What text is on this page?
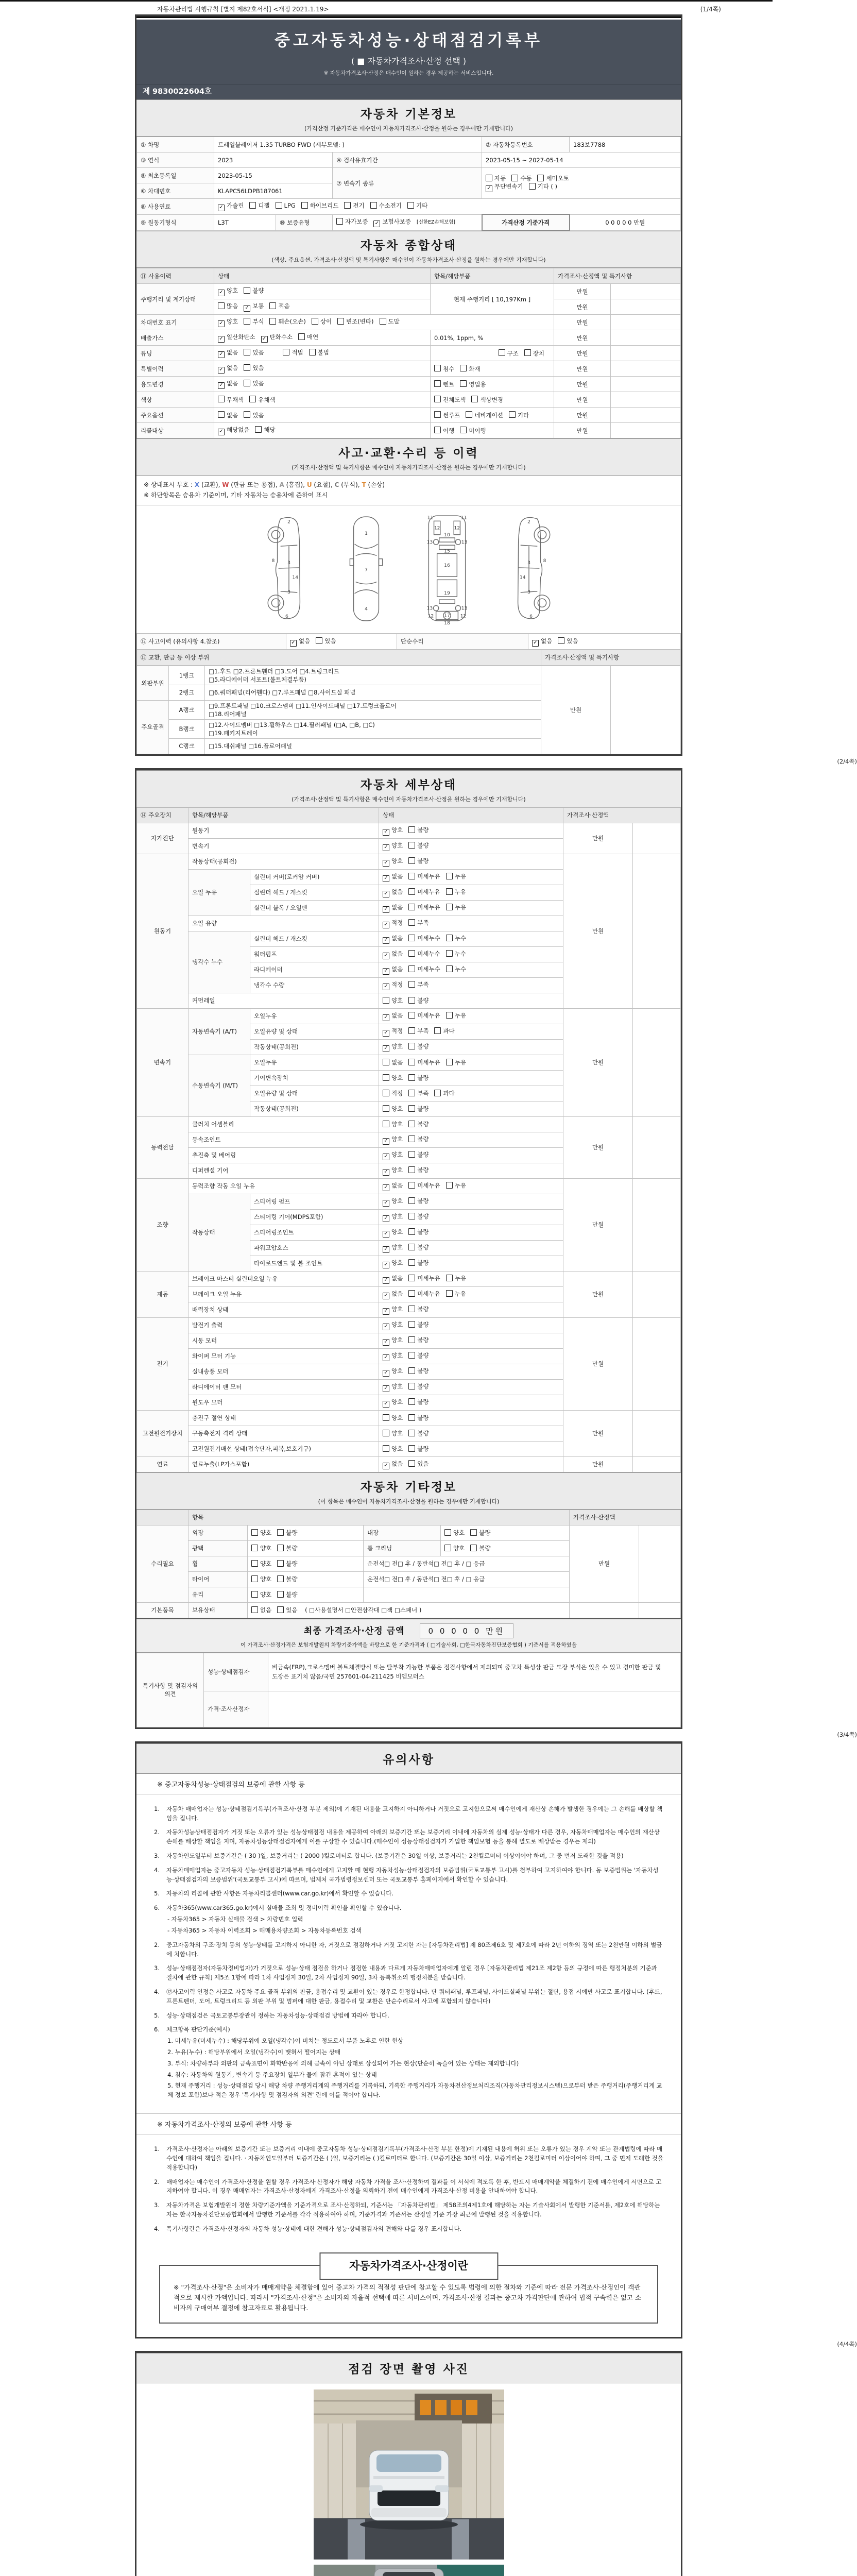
자동차관리법 시행규칙 [별지 제82호서식] <개정 2021.1.19>	(1/4쪽)
중고자동차성능·상태점검기록부
( ■ 자동차가격조사·산정 선택 )
※ 자동차가격조사·산정은 매수인이 원하는 경우 제공하는 서비스입니다.
제 9830022604호
자동차 기본정보
(가격산정 기준가격은 매수인이 자동차가격조사·산정을 원하는 경우에만 기재합니다)
① 차명	트레일블레이저 1.35 TURBO FWD (세부모델: )			② 자동차등록번호	183보7788
③ 연식	2023		④ 검사유효기간	2023-05-15 ~ 2027-05-14	
⑤ 최초등록일	2023-05-15		⑦ 변속기 종류	자동 수동 세미오토
✓ 무단변속기 기타 ( )	
⑥ 차대번호	KLAPC56LDPB187061				
⑧ 사용연료	✓ 가솔린 디젤 LPG 하이브리드 전기 수소전기 기타				
⑨ 원동기형식	L3T	⑩ 보증유형	자가보증 ✓ 보험사보증 [신한EZ손해보험]	가격산정 기준가격	0 0 0 0 0 만원
자동차 종합상태
(색상, 주요옵션, 가격조사·산정액 및 특기사항은 매수인이 자동차가격조사·산정을 원하는 경우에만 기재합니다)
⑪ 사용이력	상태	항목/해당부품	가격조사·산정액 및 특기사항	
주행거리 및 계기상태	✓ 양호 불량	현재 주행거리 [ 10,197Km ]	만원	
	많음 ✓ 보통 적음		만원	
차대번호 표기	✓ 양호 부식 훼손(오손) 상이 변조(변타) 도말		만원	
배출가스	✓ 일산화탄소 ✓ 탄화수소 매연	0.01%, 1ppm, %	만원	
튜닝	✓ 없음 있음 적법 불법	구조 장치	만원	
특별이력	✓ 없음 있음	침수 화재	만원	
용도변경	✓ 없음 있음	렌트 영업용	만원	
색상	무채색 유채색	전체도색 색상변경	만원	
주요옵션	없음 있음	썬루프 네비게이션 기타	만원	
리콜대상	✓ 해당없음 해당	이행 미이행	만원	
사고·교환·수리 등 이력
(가격조사·산정액 및 특기사항은 매수인이 자동차가격조사·산정을 원하는 경우에만 기재합니다)
※ 상태표시 부호 : X (교환), W (판금 또는 용접), A (흠집), U (요철), C (부식), T (손상)
※ 하단항목은 승용차 기준이며, 기타 자동차는 승용차에 준하여 표시
2
8	3
14
3
6
1
7
4
11	11
12	12
13	13
10
15
16
19
13	13
12	12
17
18
2
3	8
14
3
6
⑫ 사고이력 (유의사항 4.참조)	✓ 없음 있음	단순수리	✓ 없음 있음
⑬ 교환, 판금 등 이상 부위	가격조사·산정액 및 특기사항
외판부위	1랭크	□1.후드 □2.프론트휀더 □3.도어 □4.트렁크리드
□5.라디에이터 서포트(볼트체결부품)	만원	
	2랭크	□6.쿼터패널(리어휀다) □7.루프패널 □8.사이드실 패널		
주요골격	A랭크	□9.프론트패널 □10.크로스멤버 □11.인사이드패널 □17.트렁크플로어
□18.리어패널		
	B랭크	□12.사이드멤버 □13.휠하우스 □14.필러패널 (□A, □B, □C)
□19.패키지트레이		
	C랭크	□15.대쉬패널 □16.플로어패널		
(2/4쪽)
자동차 세부상태
(가격조사·산정액 및 특기사항은 매수인이 자동차가격조사·산정을 원하는 경우에만 기재합니다)
⑭ 주요장치	항목/해당부품		상태	가격조사·산정액	
자가진단	원동기		✓ 양호 불량	만원	
	변속기		✓ 양호 불량		
원동기	작동상태(공회전)		✓ 양호 불량	만원	
	오일 누유	실린더 커버(로커암 커버)	✓ 없음 미세누유 누유		
		실린더 헤드 / 개스킷	✓ 없음 미세누유 누유		
		실린더 블록 / 오일팬	✓ 없음 미세누유 누유		
	오일 유량		✓ 적정 부족		
	냉각수 누수	실린더 헤드 / 개스킷	✓ 없음 미세누수 누수		
		워터펌프	✓ 없음 미세누수 누수		
		라디에이터	✓ 없음 미세누수 누수		
		냉각수 수량	✓ 적정 부족		
	커먼레일		양호 불량		
변속기	자동변속기 (A/T)	오일누유	✓ 없음 미세누유 누유	만원	
		오일유량 및 상태	✓ 적정 부족 과다		
		작동상태(공회전)	✓ 양호 불량		
	수동변속기 (M/T)	오일누유	없음 미세누유 누유		
		기어변속장치	양호 불량		
		오일유량 및 상태	적정 부족 과다		
		작동상태(공회전)	양호 불량		
동력전달	클러치 어셈블리		양호 불량	만원	
	등속조인트		✓ 양호 불량		
	추진축 및 베어링		✓ 양호 불량		
	디퍼렌셜 기어		✓ 양호 불량		
조향	동력조향 작동 오일 누유		✓ 없음 미세누유 누유	만원	
	작동상태	스티어링 펌프	✓ 양호 불량		
		스티어링 기어(MDPS포함)	✓ 양호 불량		
		스티어링조인트	✓ 양호 불량		
		파워고압호스	✓ 양호 불량		
		타이로드엔드 및 볼 조인트	✓ 양호 불량		
제동	브레이크 마스터 실린더오일 누유		✓ 없음 미세누유 누유	만원	
	브레이크 오일 누유		✓ 없음 미세누유 누유		
	배력장치 상태		✓ 양호 불량		
전기	발전기 출력		✓ 양호 불량	만원	
	시동 모터		✓ 양호 불량		
	와이퍼 모터 기능		✓ 양호 불량		
	실내송풍 모터		✓ 양호 불량		
	라디에이터 팬 모터		✓ 양호 불량		
	윈도우 모터		✓ 양호 불량		
고전원전기장치	충전구 절연 상태		양호 불량	만원	
	구동축전지 격리 상태		양호 불량		
	고전원전기배선 상태(접속단자,피복,보호기구)		양호 불량		
연료	연료누출(LP가스포함)		✓ 없음 있음	만원	
자동차 기타정보
(이 항목은 매수인이 자동차가격조사·산정을 원하는 경우에만 기재합니다)
	항목				가격조사·산정액	
수리필요	외장	양호 불량	내장	양호 불량	만원	
	광택	양호 불량	룸 크리닝	양호 불량		
	휠	양호 불량	운전석□ 전□ 후 / 동반석□ 전□ 후 / □ 응급			
	타이어	양호 불량	운전석□ 전□ 후 / 동반석□ 전□ 후 / □ 응급			
	유리	양호 불량				
기본품목	보유상태	없음 있음 ( □사용설명서 □안전삼각대 □잭 □스패너 )				
최종 가격조사·산정 금액	0 0 0 0 0 만원
이 가격조사·산정가격은 보험개발원의 차량기준가액을 바탕으로 한 기준가격과 ( □기술사회, □한국자동차진단보증협회 ) 기준서를 적용하였음
특기사항 및 점검자의 의견	성능·상태점검자	비금속(FRP),크로스멤버 볼트체결방식 또는 탈부착 가능한 부품은 점검사항에서 제외되며 중고차 특성상 판금 도장 부식은 있을 수 있고 경미한 판금 및 도장은 표기치 않음/국민 257601-04-211425 비엠모터스
	가격·조사산정자	
(3/4쪽)
유의사항
※ 중고자동차성능·상태점검의 보증에 관한 사항 등
1.	자동차 매매업자는 성능·상태점검기록부(가격조사·산정 부분 제외)에 기재된 내용을 고지하지 아니하거나 거짓으로 고지함으로써 매수인에게 재산상 손해가 발생한 경우에는 그 손해를 배상할 책임을 집니다.
2.	자동차성능상태점검자가 거짓 또는 오류가 있는 성능상태점검 내용을 제공하여 아래의 보증기간 또는 보증거리 이내에 자동차의 실제 성능·상태가 다른 경우, 자동차매매업자는 매수인의 재산상 손해를 배상할 책임을 지며, 자동차성능상태점검자에게 이를 구상할 수 있습니다.(매수인이 성능상태점검자가 가입한 책임보험 등을 통해 별도로 배상받는 경우는 제외)
3.	자동차인도일부터 보증기간은 ( 30 )일, 보증거리는 ( 2000 )킬로미터로 합니다. (보증기간은 30일 이상, 보증거리는 2천킬로미터 이상이어야 하며, 그 중 먼저 도래한 것을 적용)
4.	자동차매매업자는 중고자동차 성능·상태점검기록부를 매수인에게 고지할 때 현행 자동차성능·상태점검자의 보증범위(국토교통부 고시)를 첨부하여 고지하여야 합니다. 동 보증범위는 '자동차성능·상태점검자의 보증범위'(국토교통부 고시)에 따르며, 법제처 국가법령정보센터 또는 국토교통부 홈페이지에서 확인할 수 있습니다.
5.	자동차의 리콜에 관한 사항은 자동차리콜센터(www.car.go.kr)에서 확인할 수 있습니다.
6.	자동차365(www.car365.go.kr)에서 실매물 조회 및 정비이력 확인을 확인할 수 있습니다.
- 자동차365 > 자동차 실매물 검색 > 차량번호 입력
- 자동차365 > 자동차 이력조회 > 매매용차량조회 > 자동차등록번호 검색
2.	중고자동차의 구조·장치 등의 성능·상태를 고지하지 아니한 자, 거짓으로 점검하거나 거짓 고지한 자는 [자동차관리법] 제 80조제6호 및 제7호에 따라 2년 이하의 징역 또는 2천만원 이하의 벌금에 처합니다.
3.	성능·상태점검자(자동차정비업자)가 거짓으로 성능·상태 점검을 하거나 점검한 내용과 다르게 자동차매매업자에게 알린 경우 [자동차관리법 제21조 제2항 등의 규정에 따른 행정처분의 기준과 절차에 관한 규칙] 제5조 1항에 따라 1차 사업정지 30일, 2차 사업정지 90일, 3차 등록취소의 행정처분을 받습니다.
4.	⑫사고이력 인정은 사고로 자동차 주요 골격 부위의 판금, 용접수리 및 교환이 있는 경우로 한정합니다. 단 쿼터패널, 루프패널, 사이드실패널 부위는 절단, 용접 시에만 사고로 표기합니다. (후드, 프론트펜더, 도어, 트렁크리드 등 외판 부위 및 범퍼에 대한 판금, 용접수리 및 교환은 단순수리로서 사고에 포함되지 않습니다)
5.	성능·상태점검은 국토교통부장관이 정하는 자동차성능·상태점검 방법에 따라야 합니다.
6.	체크항목 판단기준(예시)
1. 미세누유(미세누수) : 해당부위에 오일(냉각수)이 비치는 정도로서 부품 노후로 인한 현상
2. 누유(누수) : 해당부위에서 오일(냉각수)이 맺혀서 떨어지는 상태
3. 부식: 차량하부와 외판의 금속표면이 화학반응에 의해 금속이 아닌 상태로 상실되어 가는 현상(단순히 녹슬어 있는 상태는 제외합니다)
4. 침수: 자동차의 원동기, 변속기 등 주요장치 일부가 물에 잠긴 흔적이 있는 상태
5. 현재 주행거리 : 성능·상태점검 당시 해당 차량 주행거리계의 주행거리를 기록하되, 기록한 주행거리가 자동차전산정보처리조직(자동차관리정보시스템)으로부터 받은 주행거리(주행거리계 교체 정보 포함)보다 적은 경우 '특기사항 및 점검자의 의견' 란에 이를 적어야 합니다.
※ 자동차가격조사·산정의 보증에 관한 사항 등
1.	가격조사·산정자는 아래의 보증기간 또는 보증거리 이내에 중고자동차 성능·상태점검기록부(가격조사·산정 부분 한정)에 기재된 내용에 허위 또는 오류가 있는 경우 계약 또는 관계법령에 따라 매수인에 대하여 책임을 집니다. · 자동차인도일부터 보증기간은 ( )일, 보증거리는 ( )킬로미터로 합니다. (보증기간은 30일 이상, 보증거리는 2천킬로미터 이상이어야 하며, 그 중 먼저 도래한 것을 적용합니다)
2.	매매업자는 매수인이 가격조사·산정을 원할 경우 가격조사·산정자가 해당 자동차 가격을 조사·산정하여 결과를 이 서식에 적도록 한 후, 반드시 매매계약을 체결하기 전에 매수인에게 서면으로 고지하여야 합니다. 이 경우 매매업자는 가격조사·산정자에게 가격조사·산정을 의뢰하기 전에 매수인에게 가격조사·산정 비용을 안내하여야 합니다.
3.	자동차가격은 보험개발원이 정한 차량기준가액을 기준가격으로 조사·산정하되, 기준서는 「자동차관리법」 제58조의4제1호에 해당하는 자는 기술사회에서 발행한 기준서를, 제2호에 해당하는 자는 한국자동차진단보증협회에서 발행한 기준서를 각각 적용하여야 하며, 기준가격과 기준서는 산정일 기준 가장 최근에 발행된 것을 적용합니다.
4.	특기사항란은 가격조사·산정자의 자동차 성능·상태에 대한 견해가 성능·상태점검자의 견해와 다를 경우 표시합니다.
자동차가격조사·산정이란
※ "가격조사·산정"은 소비자가 매매계약을 체결함에 있어 중고차 가격의 적절성 판단에 참고할 수 있도록 법령에 의한 절차와 기준에 따라 전문 가격조사·산정인이 객관적으로 제시한 가액입니다. 따라서 "가격조사·산정"은 소비자의 자율적 선택에 따른 서비스이며, 가격조사·산정 결과는 중고차 가격판단에 관하여 법적 구속력은 없고 소비자의 구매여부 결정에 참고자료로 활용됩니다.
(4/4쪽)
점검 장면 촬영 사진
